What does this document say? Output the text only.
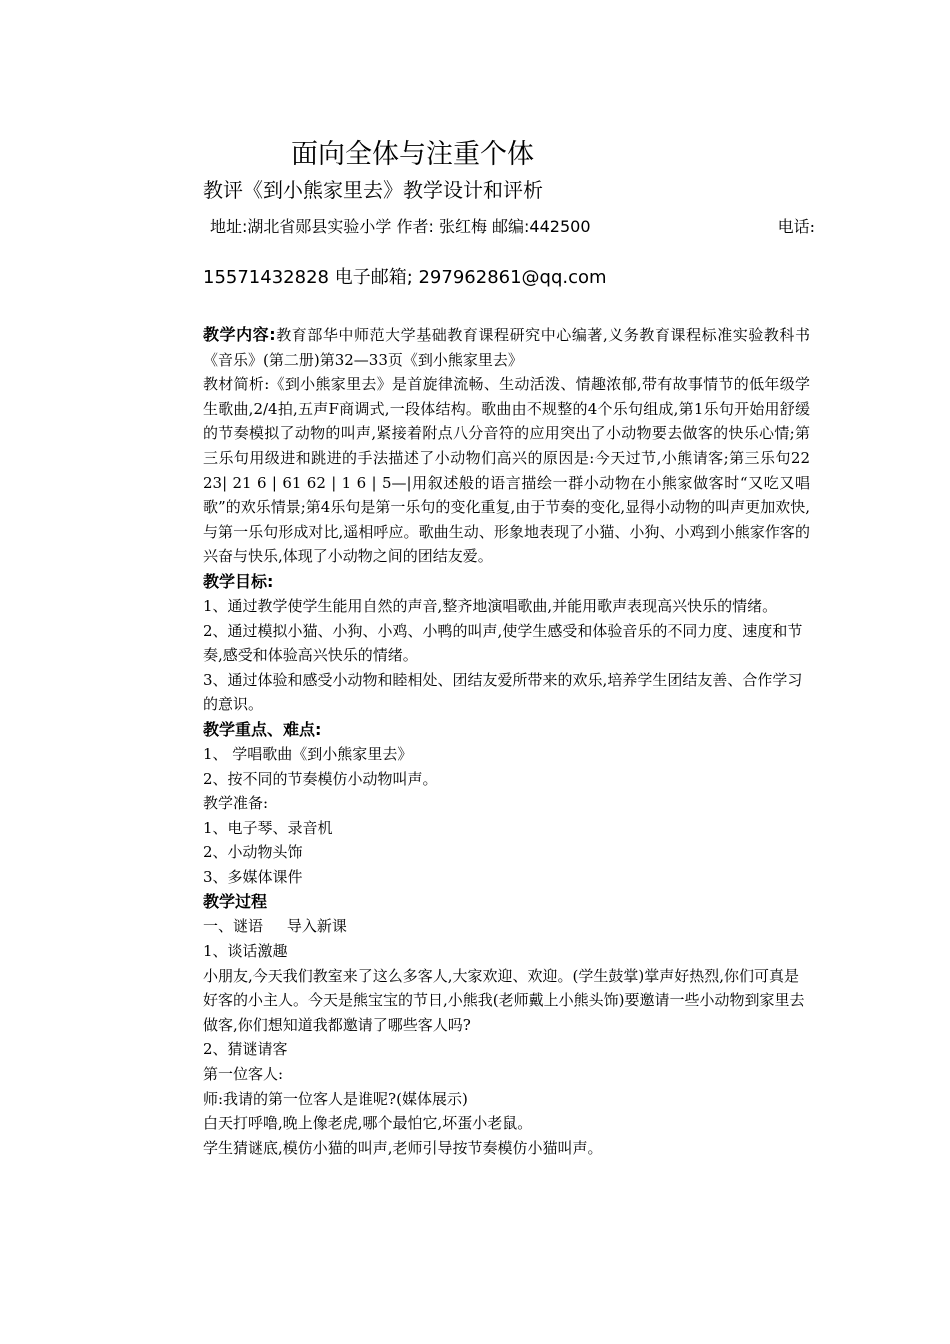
面向全体与注重个体
教评《到小熊家里去》教学设计和评析
地址:湖北省郧县实验小学 作者: 张红梅 邮编:442500	电话:
15571432828 电子邮箱; 297962861@qq.com

教学内容:教育部华中师范大学基础教育课程研究中心编著,义务教育课程标准实验教科书《音乐》(第二册)第32—33页《到小熊家里去》

教材简析:《到小熊家里去》是首旋律流畅、生动活泼、情趣浓郁,带有故事情节的低年级学生歌曲,2/4拍,五声F商调式,一段体结构。歌曲由不规整的4个乐句组成,第1乐句开始用舒缓的节奏模拟了动物的叫声,紧接着附点八分音符的应用突出了小动物要去做客的快乐心情;第三乐句用级进和跳进的手法描述了小动物们高兴的原因是:今天过节,小熊请客;第三乐句22 23| 21 6 | 61 62 | 1 6 | 5—|用叙述般的语言描绘一群小动物在小熊家做客时“又吃又唱歌”的欢乐情景;第4乐句是第一乐句的变化重复,由于节奏的变化,显得小动物的叫声更加欢快,与第一乐句形成对比,遥相呼应。歌曲生动、形象地表现了小猫、小狗、小鸡到小熊家作客的兴奋与快乐,体现了小动物之间的团结友爱。

教学目标:

1、通过教学使学生能用自然的声音,整齐地演唱歌曲,并能用歌声表现高兴快乐的情绪。

2、通过模拟小猫、小狗、小鸡、小鸭的叫声,使学生感受和体验音乐的不同力度、速度和节奏,感受和体验高兴快乐的情绪。

3、通过体验和感受小动物和睦相处、团结友爱所带来的欢乐,培养学生团结友善、合作学习的意识。

教学重点、难点:

1、 学唱歌曲《到小熊家里去》

2、按不同的节奏模仿小动物叫声。

教学准备:

1、电子琴、录音机

2、小动物头饰

3、多媒体课件

教学过程

一、谜语     导入新课

1、谈话激趣

小朋友,今天我们教室来了这么多客人,大家欢迎、欢迎。(学生鼓掌)掌声好热烈,你们可真是好客的小主人。今天是熊宝宝的节日,小熊我(老师戴上小熊头饰)要邀请一些小动物到家里去做客,你们想知道我都邀请了哪些客人吗?

2、猜谜请客

第一位客人:

师:我请的第一位客人是谁呢?(媒体展示)

白天打呼噜,晚上像老虎,哪个最怕它,坏蛋小老鼠。

学生猜谜底,模仿小猫的叫声,老师引导按节奏模仿小猫叫声。
